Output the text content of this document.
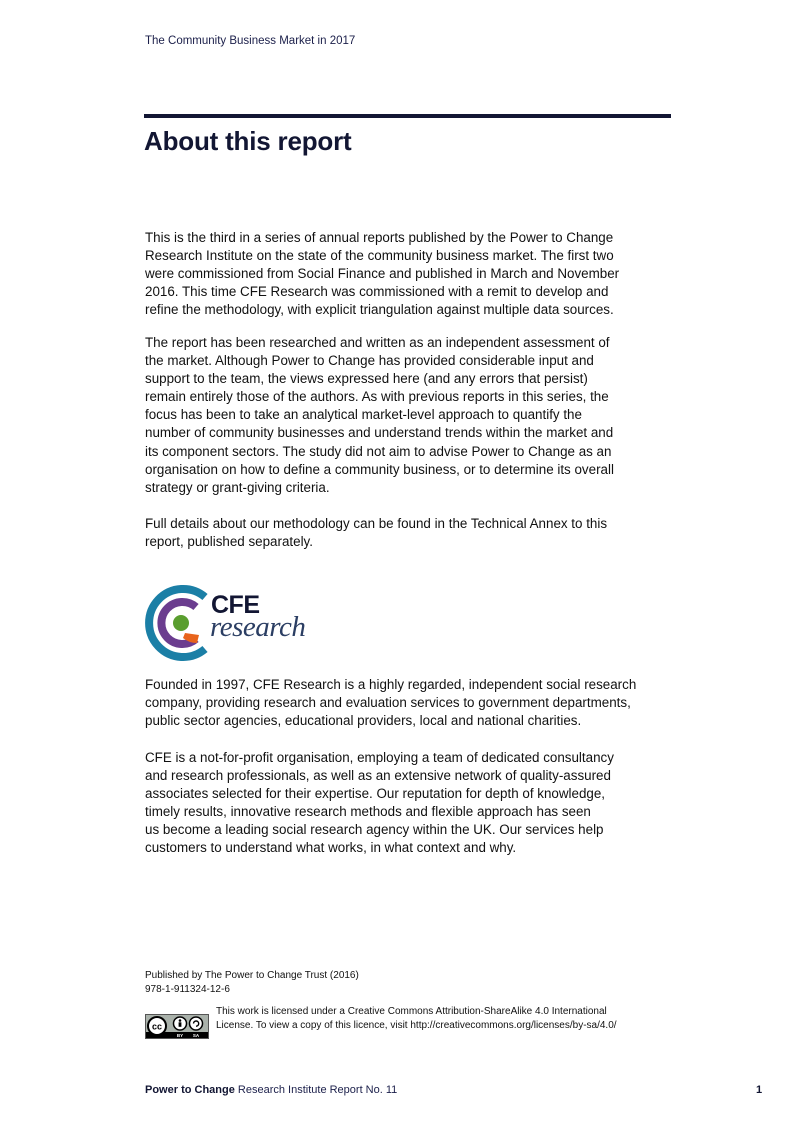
The Community Business Market in 2017
About this report

This is the third in a series of annual reports published by the Power to Change
Research Institute on the state of the community business market. The first two
were commissioned from Social Finance and published in March and November
2016. This time CFE Research was commissioned with a remit to develop and
refine the methodology, with explicit triangulation against multiple data sources.

The report has been researched and written as an independent assessment of
the market. Although Power to Change has provided considerable input and
support to the team, the views expressed here (and any errors that persist)
remain entirely those of the authors. As with previous reports in this series, the
focus has been to take an analytical market-level approach to quantify the
number of community businesses and understand trends within the market and
its component sectors. The study did not aim to advise Power to Change as an
organisation on how to define a community business, or to determine its overall
strategy or grant-giving criteria.

Full details about our methodology can be found in the Technical Annex to this
report, published separately.

CFE
research

Founded in 1997, CFE Research is a highly regarded, independent social research
company, providing research and evaluation services to government departments,
public sector agencies, educational providers, local and national charities.

CFE is a not-for-profit organisation, employing a team of dedicated consultancy
and research professionals, as well as an extensive network of quality-assured
associates selected for their expertise. Our reputation for depth of knowledge,
timely results, innovative research methods and flexible approach has seen
us become a leading social research agency within the UK. Our services help
customers to understand what works, in what context and why.

Published by The Power to Change Trust (2016)
978-1-911324-12-6
cc
BY SA
This work is licensed under a Creative Commons Attribution-ShareAlike 4.0 International
License. To view a copy of this licence, visit http://creativecommons.org/licenses/by-sa/4.0/
Power to Change Research Institute Report No. 11	1
